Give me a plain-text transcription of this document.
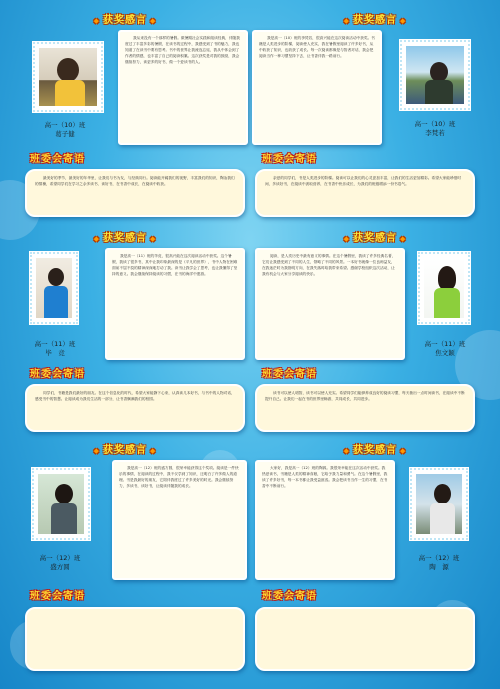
◆ 获奖感言 ◆	◆ 获奖感言 ◆
高一（10）班
葛子健

我从来没有一个那样的暑假。做暑期社会实践和阅读经典，伴随我度过了丰富多彩的暑假，在读书的过程中，我感受到了书的魅力，我也知道了在读书中要有思考。书中的世界让我流连忘返，我从中体会到了作者的情感，也丰富了自己的阅读积累。这次获奖是对我的鼓励，我会继续努力，读更多的好书，做一个爱读书的人。

我是高一（10）班的李梵若，很高兴能在这次阅读活动中获奖。书籍是人类进步的阶梯，阅读使人充实，我在暑假里阅读了许多好书，从中收获了知识，也收获了成长。每一次阅读都像是与智者对话，我会把阅读当作一种习惯坚持下去，让书香伴我一路前行。

高一（10）班
李梵若
班委会寄语	班委会寄语

最美好的季节，最美好的年华里，让我们与书为友，与经典同行。阅读能开阔我们的视野，丰富我们的知识，陶冶我们的情操，希望同学们在学习之余多读书、读好书，在书香中成长，在阅读中收获。

亲爱的同学们，书是人类进步的阶梯。阅读可以让我们的心灵更加丰富，让我们的生活更加精彩。希望大家能珍惜时间，多读好书，在阅读中汲取营养，在书香中快乐成长，为我们的班级增添一份书卷气。

◆ 获奖感言 ◆	◆ 获奖感言 ◆
高一（11）班
毕　竞

我是高一（11）班的毕竞，很高兴能在这次阅读活动中获奖。这个暑假，我读了很多书，其中让我印象最深的是《平凡的世界》，书中人物在困难面前不屈不挠的精神深深地打动了我。读书让我学会了思考，也让我懂得了坚持的意义。我会继续保持阅读的习惯，在书的海洋中遨游。

阅读，是人类历史中最有意义的事情。在这个暑假里，我读了许多经典名著，它们让我感受到了不同的人生，领略了不同的风景。一本好书就像一位良师益友，在我迷茫时为我指明方向，在我失落时给我带来希望。感谢学校组织这次活动，让我有机会与大家分享阅读的快乐。

高一（11）班
焦文颖
班委会寄语	班委会寄语

同学们，书籍是我们最好的朋友。在这个信息化的时代，希望大家能静下心来，认真读几本好书，与书中的人物对话，感受书中的智慧。让阅读成为我们生活的一部分，让书香飘满我们的校园。

读书可以使人明智，读书可以使人充实。希望同学们能够养成良好的阅读习惯，每天抽出一点时间读书，在阅读中不断提升自己。让我们一起在书的世界里畅游，共同成长，共同进步。

◆ 获奖感言 ◆	◆ 获奖感言 ◆
高一（12）班
盛方圆

我是高一（12）班的盛方圆，很荣幸能获得这个奖项。阅读是一件快乐的事情，在阅读的过程中，我不仅学到了知识，还明白了许多做人的道理。书是我最好的朋友，它陪伴我度过了许多美好的时光。我会继续努力，多读书，读好书，让阅读伴随我的成长。

大家好，我是高一（12）班的陶源。我很荣幸能在这次活动中获奖。我热爱读书，书籍是人类的精神食粮，它给予我力量和勇气。在这个暑假里，我读了许多好书，每一本书都让我受益匪浅。我会把读书当作一生的习惯，在书香中不断前行。

高一（12）班
陶　源
班委会寄语	班委会寄语
